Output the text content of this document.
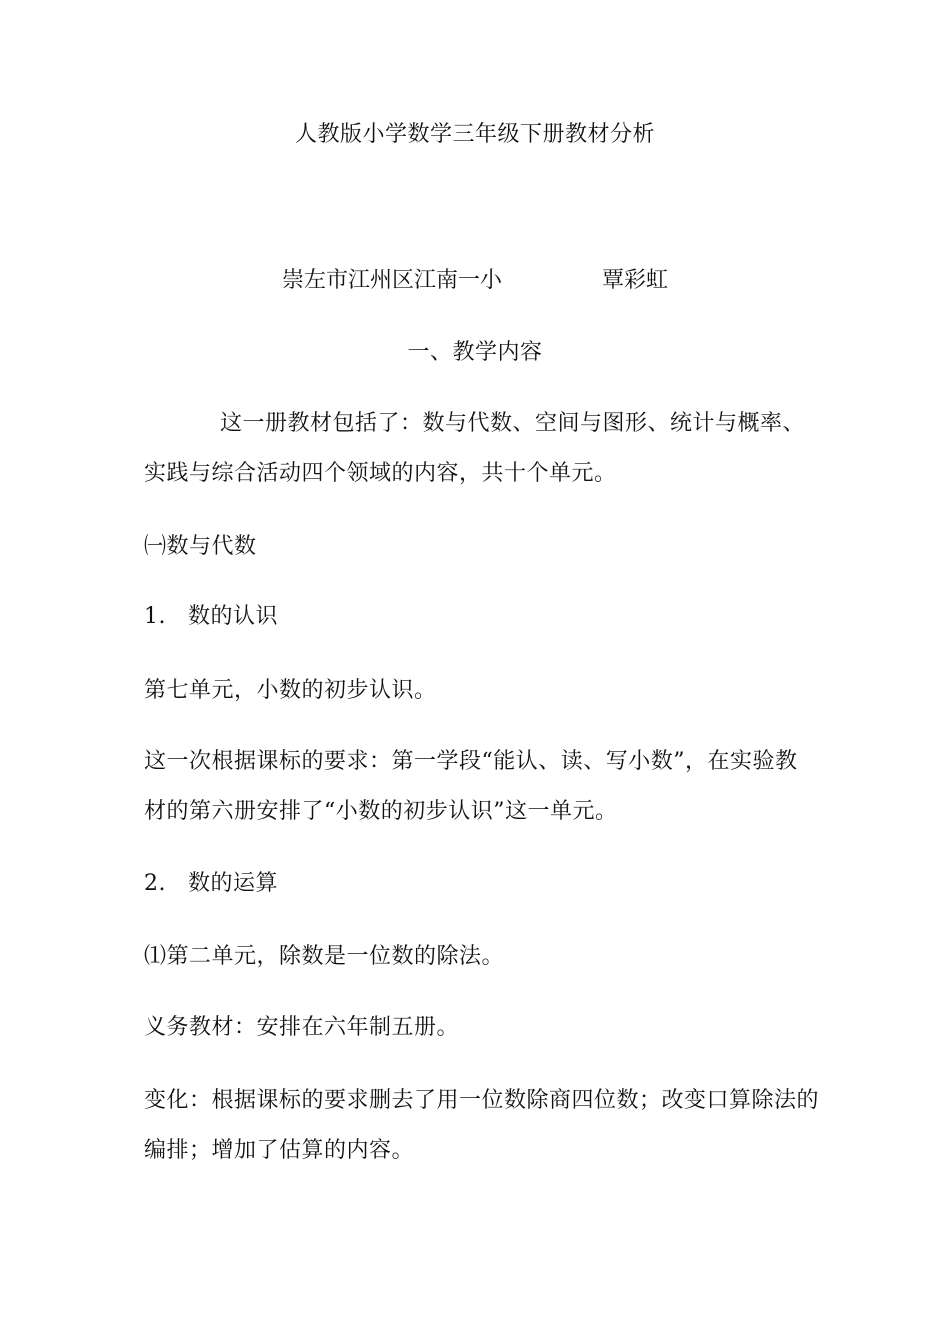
人教版小学数学三年级下册教材分析
崇左市江州区江南一小	覃彩虹
一、教学内容
这一册教材包括了：数与代数、空间与图形、统计与概率、
实践与综合活动四个领域的内容，共十个单元。
㈠数与代数
1. 数的认识
第七单元，小数的初步认识。
这一次根据课标的要求：第一学段“能认、读、写小数”，在实验教
材的第六册安排了“小数的初步认识”这一单元。
2. 数的运算
⑴第二单元，除数是一位数的除法。
义务教材：安排在六年制五册。
变化：根据课标的要求删去了用一位数除商四位数；改变口算除法的
编排；增加了估算的内容。
